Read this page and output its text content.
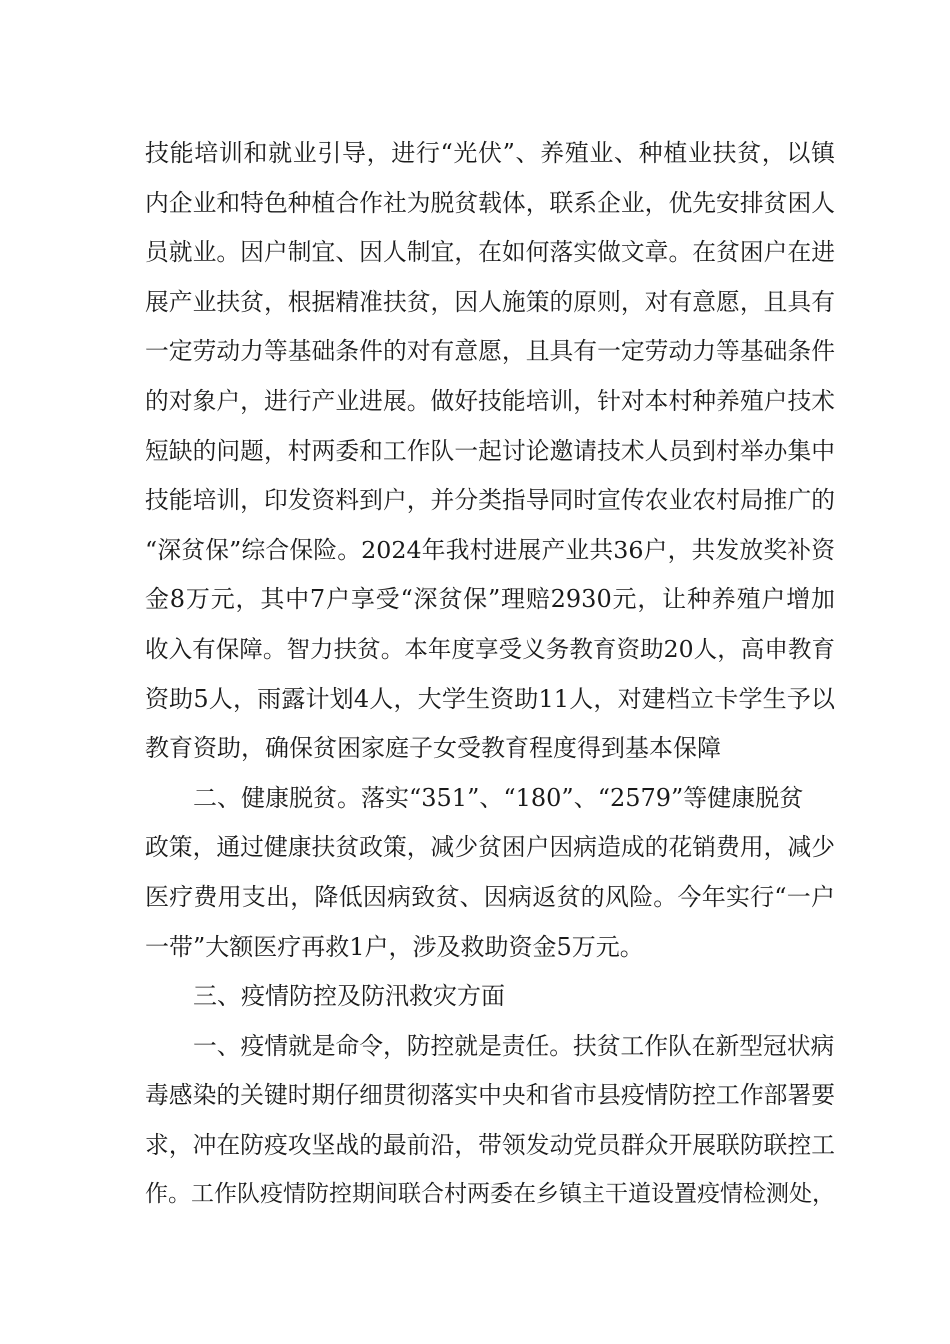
技能培训和就业引导，进行“光伏”、养殖业、种植业扶贫，以镇
内企业和特色种植合作社为脱贫载体，联系企业，优先安排贫困人
员就业。因户制宜、因人制宜，在如何落实做文章。在贫困户在进
展产业扶贫，根据精准扶贫，因人施策的原则，对有意愿，且具有
一定劳动力等基础条件的对有意愿，且具有一定劳动力等基础条件
的对象户，进行产业进展。做好技能培训，针对本村种养殖户技术
短缺的问题，村两委和工作队一起讨论邀请技术人员到村举办集中
技能培训，印发资料到户，并分类指导同时宣传农业农村局推广的
“深贫保”综合保险。2024年我村进展产业共36户，共发放奖补资
金8万元，其中7户享受“深贫保”理赔2930元，让种养殖户增加
收入有保障。智力扶贫。本年度享受义务教育资助20人，高申教育
资助5人，雨露计划4人，大学生资助11人，对建档立卡学生予以
教育资助，确保贫困家庭子女受教育程度得到基本保障
二、健康脱贫。落实“351”、“180”、“2579”等健康脱贫
政策，通过健康扶贫政策，减少贫困户因病造成的花销费用，减少
医疗费用支出，降低因病致贫、因病返贫的风险。今年实行“一户
一带”大额医疗再救1户，涉及救助资金5万元。
三、疫情防控及防汛救灾方面
一、疫情就是命令，防控就是责任。扶贫工作队在新型冠状病
毒感染的关键时期仔细贯彻落实中央和省市县疫情防控工作部署要
求，冲在防疫攻坚战的最前沿，带领发动党员群众开展联防联控工
作。工作队疫情防控期间联合村两委在乡镇主干道设置疫情检测处，
